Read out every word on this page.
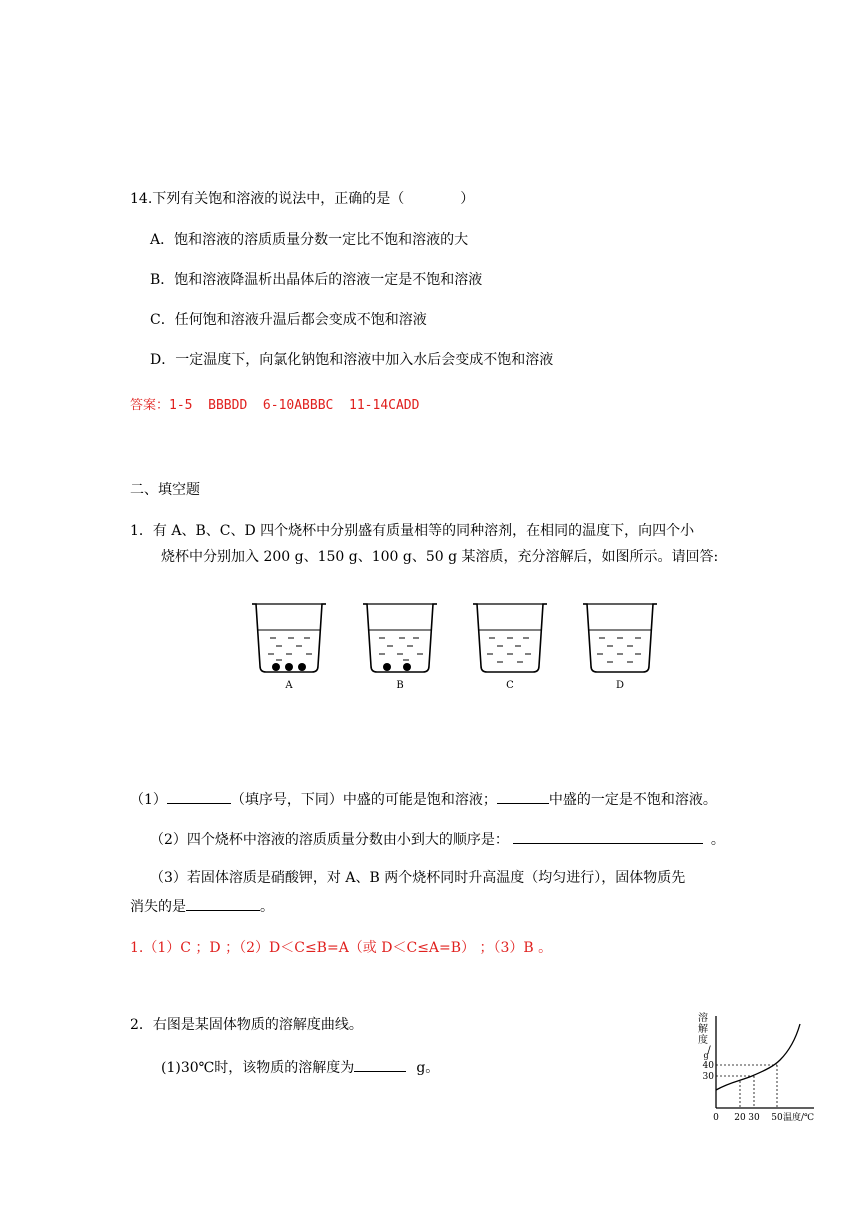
14.下列有关饱和溶液的说法中，正确的是（　　　　）
A．饱和溶液的溶质质量分数一定比不饱和溶液的大
B．饱和溶液降温析出晶体后的溶液一定是不饱和溶液
C．任何饱和溶液升温后都会变成不饱和溶液
D．一定温度下，向氯化钠饱和溶液中加入水后会变成不饱和溶液
答案：1-5  BBBDD  6-10ABBBC  11-14CADD
二、填空题
1．有 A、B、C、D 四个烧杯中分别盛有质量相等的同种溶剂，在相同的温度下，向四个小
烧杯中分别加入 200 g、150 g、100 g、50 g 某溶质，充分溶解后，如图所示。请回答:
A	B	C	D
（1）	（填序号，下同）中盛的可能是饱和溶液；	中盛的一定是不饱和溶液。
（2）四个烧杯中溶液的溶质质量分数由小到大的顺序是：	。
（3）若固体溶质是硝酸钾，对 A、B 两个烧杯同时升高温度（均匀进行），固体物质先
消失的是	。
1.（1）C ；D ；（2）D＜C≤B=A（或 D＜C≤A=B） ；（3）B 。
2．右图是某固体物质的溶解度曲线。
(1)30℃时，该物质的溶解度为	g。
溶
解
度
/
g
40
30
0 20 30 50 温度/℃
